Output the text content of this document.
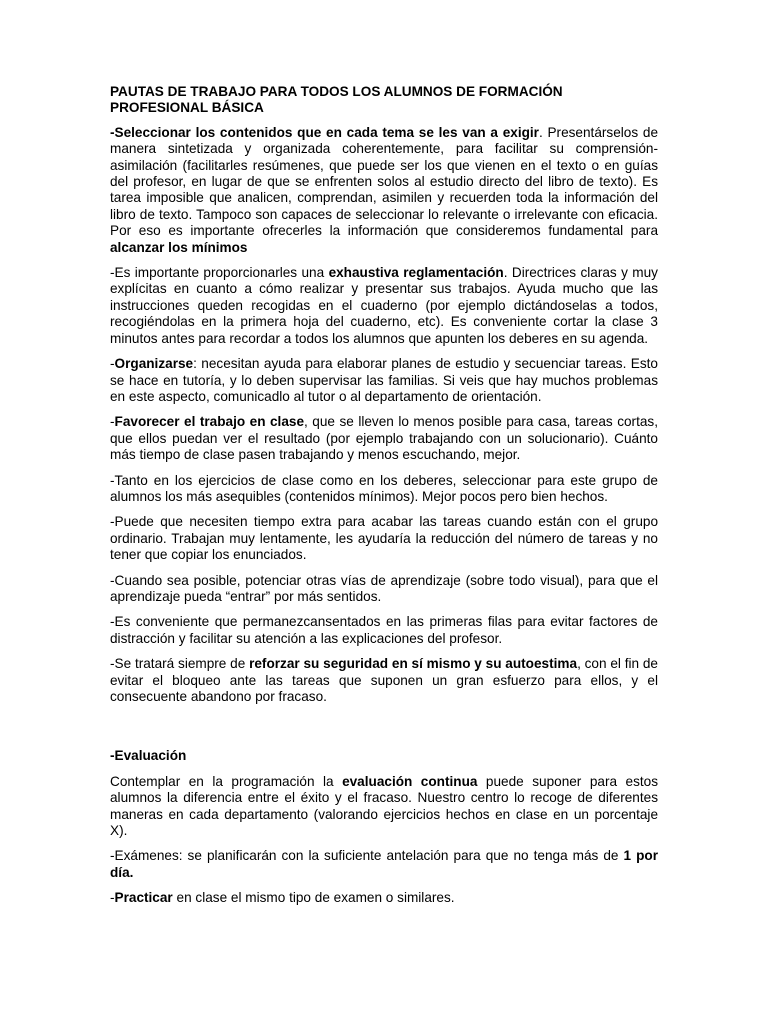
PAUTAS DE TRABAJO PARA TODOS LOS ALUMNOS DE FORMACIÓN PROFESIONAL BÁSICA

-Seleccionar los contenidos que en cada tema se les van a exigir. Presentárselos de manera sintetizada y organizada coherentemente, para facilitar su comprensión-asimilación (facilitarles resúmenes, que puede ser los que vienen en el texto o en guías del profesor, en lugar de que se enfrenten solos al estudio directo del libro de texto). Es tarea imposible que analicen, comprendan, asimilen y recuerden toda la información del libro de texto. Tampoco son capaces de seleccionar lo relevante o irrelevante con eficacia. Por eso es importante ofrecerles la información que consideremos fundamental para alcanzar los mínimos

-Es importante proporcionarles una exhaustiva reglamentación. Directrices claras y muy explícitas en cuanto a cómo realizar y presentar sus trabajos. Ayuda mucho que las instrucciones queden recogidas en el cuaderno (por ejemplo dictándoselas a todos, recogiéndolas en la primera hoja del cuaderno, etc). Es conveniente cortar la clase 3 minutos antes para recordar a todos los alumnos que apunten los deberes en su agenda.

-Organizarse: necesitan ayuda para elaborar planes de estudio y secuenciar tareas. Esto se hace en tutoría, y lo deben supervisar las familias. Si veis que hay muchos problemas en este aspecto, comunicadlo al tutor o al departamento de orientación.

-Favorecer el trabajo en clase, que se lleven lo menos posible para casa, tareas cortas, que ellos puedan ver el resultado (por ejemplo trabajando con un solucionario). Cuánto más tiempo de clase pasen trabajando y menos escuchando, mejor.

-Tanto en los ejercicios de clase como en los deberes, seleccionar para este grupo de alumnos los más asequibles (contenidos mínimos). Mejor pocos pero bien hechos.

-Puede que necesiten tiempo extra para acabar las tareas cuando están con el grupo ordinario. Trabajan muy lentamente, les ayudaría la reducción del número de tareas y no tener que copiar los enunciados.

-Cuando sea posible, potenciar otras vías de aprendizaje (sobre todo visual), para que el aprendizaje pueda “entrar” por más sentidos.

-Es conveniente que permanezcansentados en las primeras filas para evitar factores de distracción y facilitar su atención a las explicaciones del profesor.

-Se tratará siempre de reforzar su seguridad en sí mismo y su autoestima, con el fin de evitar el bloqueo ante las tareas que suponen un gran esfuerzo para ellos, y el consecuente abandono por fracaso.

-Evaluación

Contemplar en la programación la evaluación continua puede suponer para estos alumnos la diferencia entre el éxito y el fracaso. Nuestro centro lo recoge de diferentes maneras en cada departamento (valorando ejercicios hechos en clase en un porcentaje X).

-Exámenes: se planificarán con la suficiente antelación para que no tenga más de 1 por día.

-Practicar en clase el mismo tipo de examen o similares.
